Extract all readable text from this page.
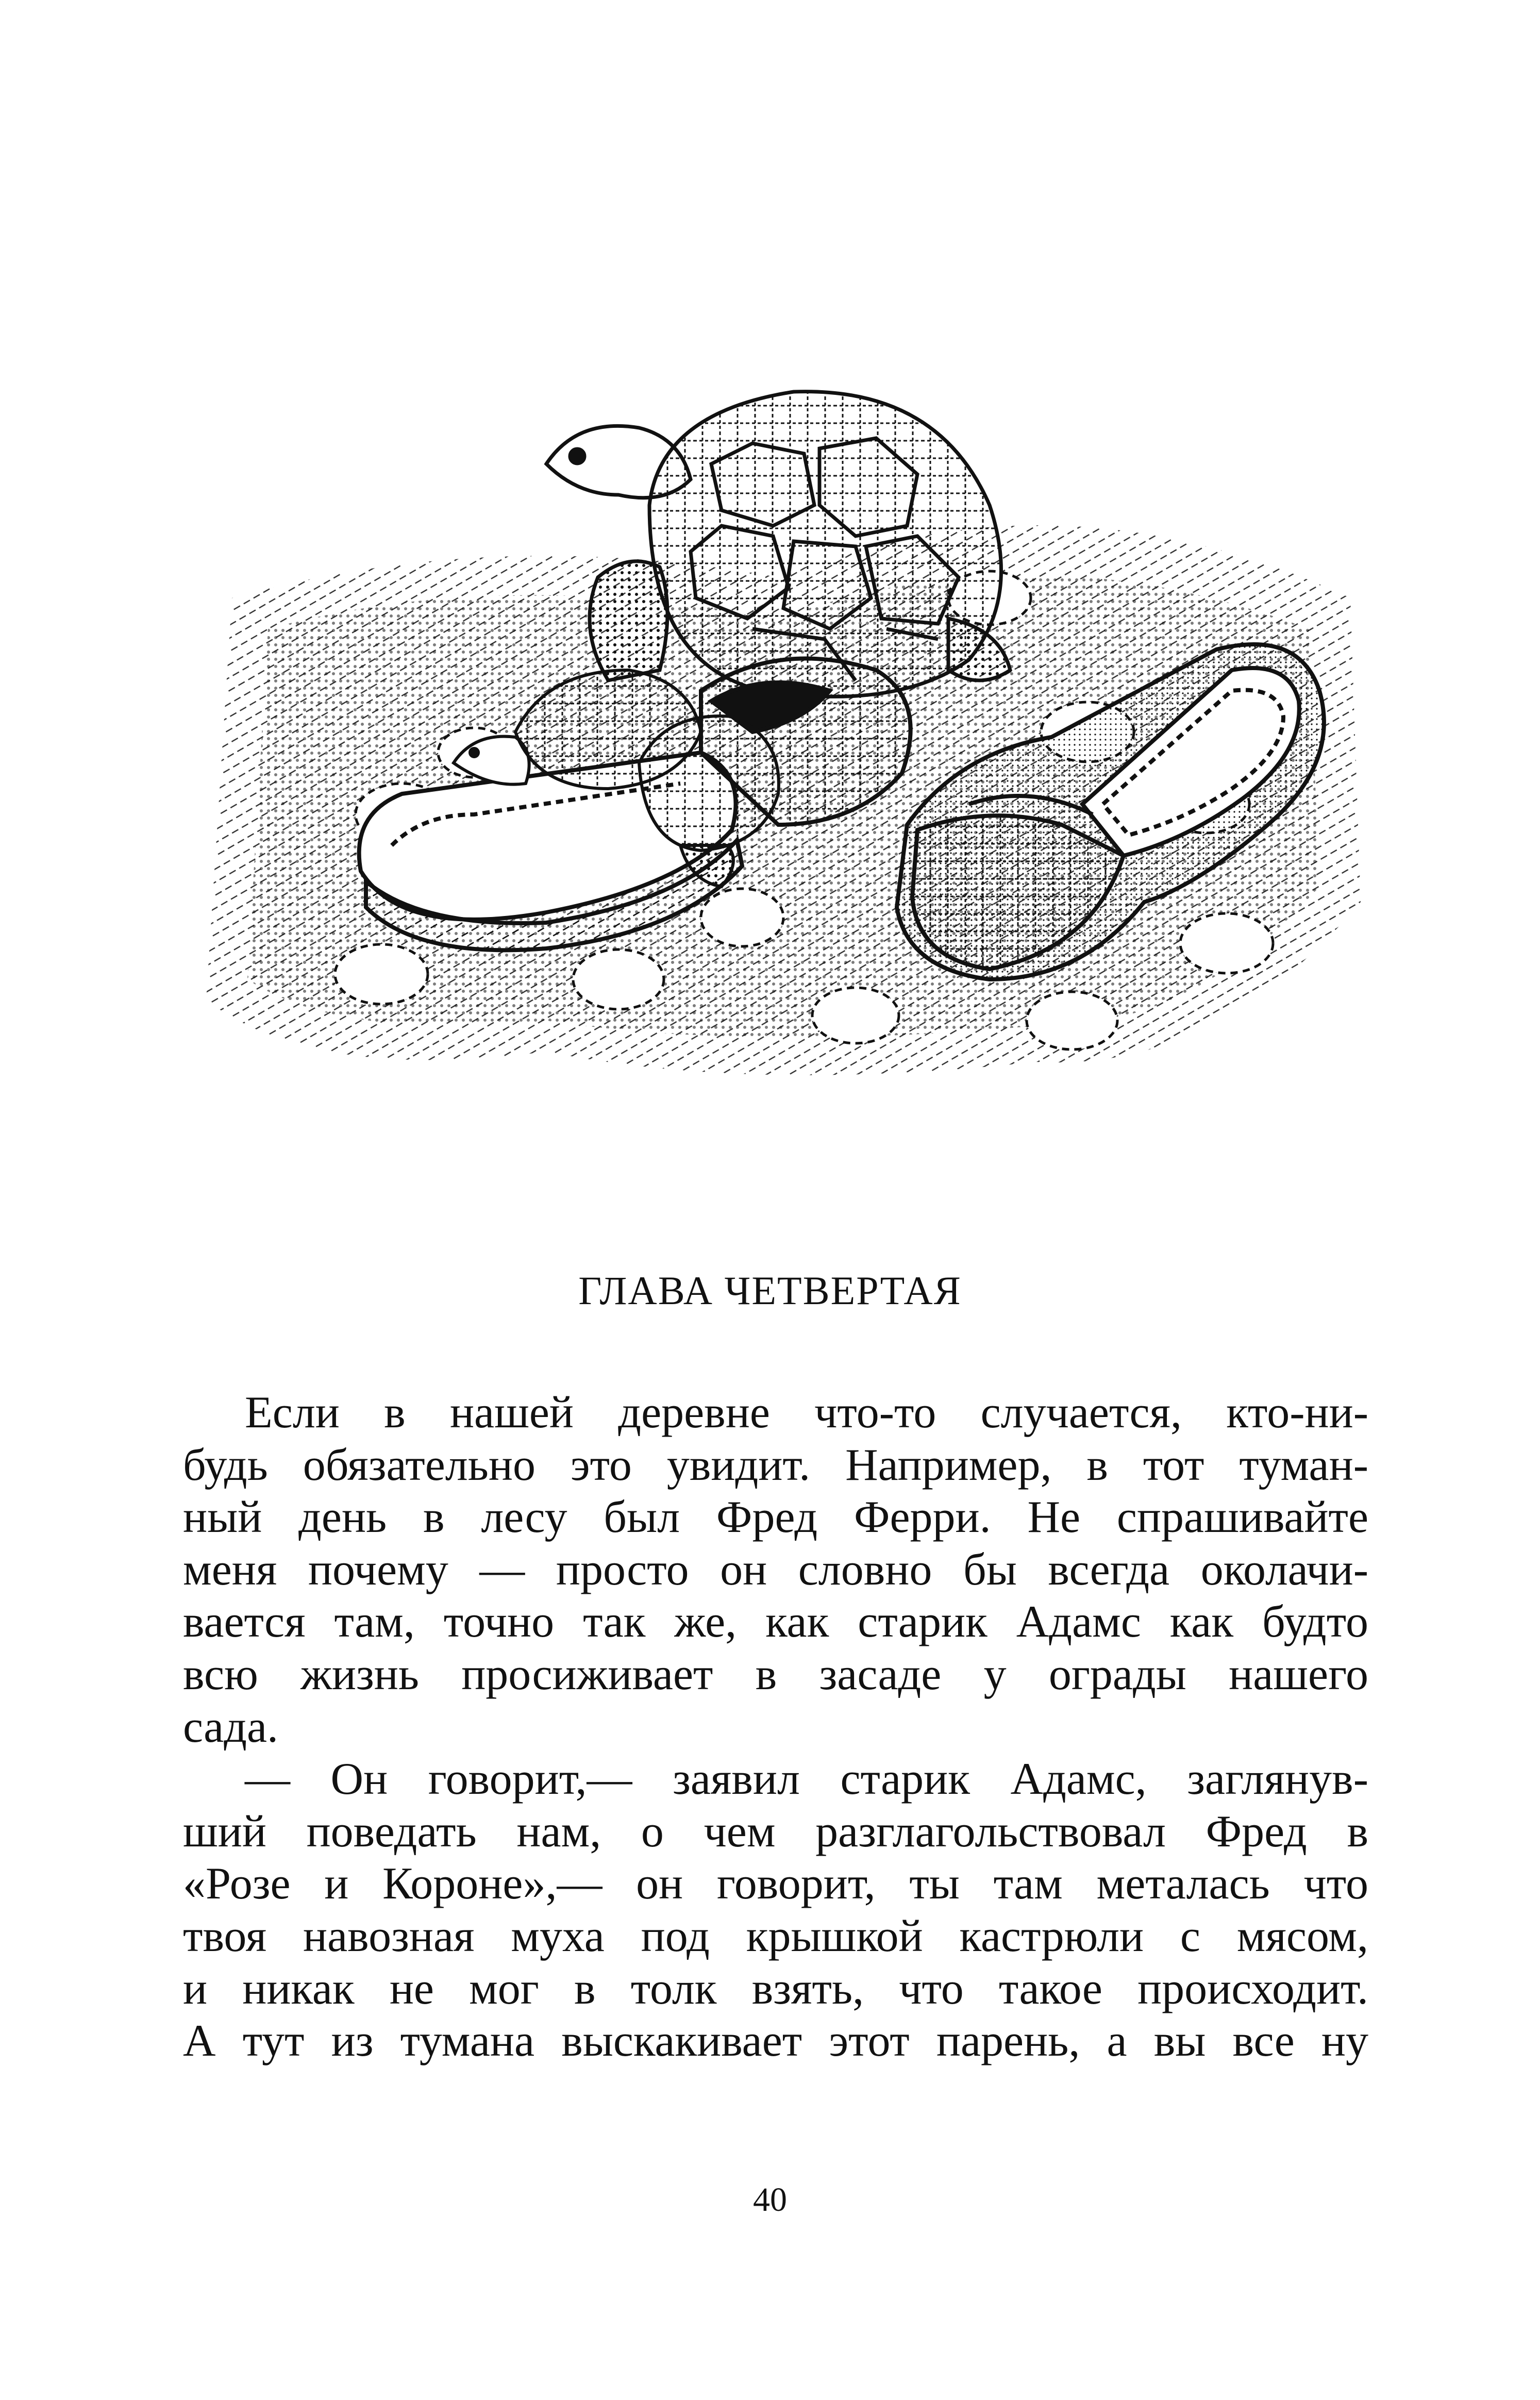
ГЛАВА ЧЕТВЕРТАЯ
Если в нашей деревне что-то случается, кто-ни-
будь обязательно это увидит. Например, в тот туман-
ный день в лесу был Фред Ферри. Не спрашивайте
меня почему — просто он словно бы всегда околачи-
вается там, точно так же, как старик Адамс как будто
всю жизнь просиживает в засаде у ограды нашего
сада.
— Он говорит,— заявил старик Адамс, заглянув-
ший поведать нам, о чем разглагольствовал Фред в
«Розе и Короне»,— он говорит, ты там металась что
твоя навозная муха под крышкой кастрюли с мясом,
и никак не мог в толк взять, что такое происходит.
А тут из тумана выскакивает этот парень, а вы все ну
40
